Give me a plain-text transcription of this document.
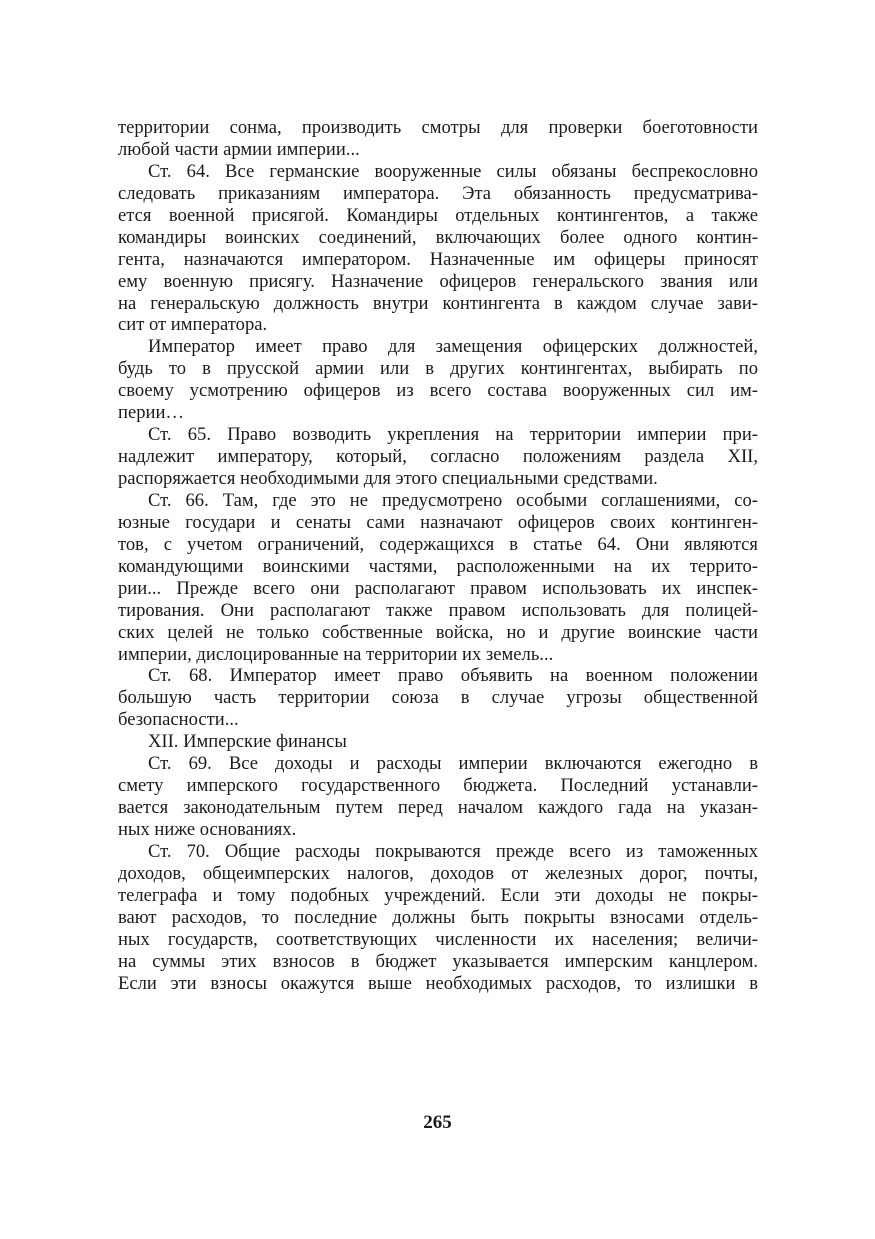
территории сонма, производить смотры для проверки боеготовности
любой части армии империи...
Ст. 64. Все германские вооруженные силы обязаны беспрекословно
следовать приказаниям императора. Эта обязанность предусматрива-
ется военной присягой. Командиры отдельных контингентов, а также
командиры воинских соединений, включающих более одного контин-
гента, назначаются императором. Назначенные им офицеры приносят
ему военную присягу. Назначение офицеров генеральского звания или
на генеральскую должность внутри контингента в каждом случае зави-
сит от императора.
Император имеет право для замещения офицерских должностей,
будь то в прусской армии или в других контингентах, выбирать по
своему усмотрению офицеров из всего состава вооруженных сил им-
перии…
Ст. 65. Право возводить укрепления на территории империи при-
надлежит императору, который, согласно положениям раздела XII,
распоряжается необходимыми для этого специальными средствами.
Ст. 66. Там, где это не предусмотрено особыми соглашениями, со-
юзные государи и сенаты сами назначают офицеров своих континген-
тов, с учетом ограничений, содержащихся в статье 64. Они являются
командующими воинскими частями, расположенными на их террито-
рии... Прежде всего они располагают правом использовать их инспек-
тирования. Они располагают также правом использовать для полицей-
ских целей не только собственные войска, но и другие воинские части
империи, дислоцированные на территории их земель...
Ст. 68. Император имеет право объявить на военном положении
большую часть территории союза в случае угрозы общественной
безопасности...
XII. Имперские финансы
Ст. 69. Все доходы и расходы империи включаются ежегодно в
смету имперского государственного бюджета. Последний устанавли-
вается законодательным путем перед началом каждого гада на указан-
ных ниже основаниях.
Ст. 70. Общие расходы покрываются прежде всего из таможенных
доходов, общеимперских налогов, доходов от железных дорог, почты,
телеграфа и тому подобных учреждений. Если эти доходы не покры-
вают расходов, то последние должны быть покрыты взносами отдель-
ных государств, соответствующих численности их населения; величи-
на суммы этих взносов в бюджет указывается имперским канцлером.
Если эти взносы окажутся выше необходимых расходов, то излишки в
265
